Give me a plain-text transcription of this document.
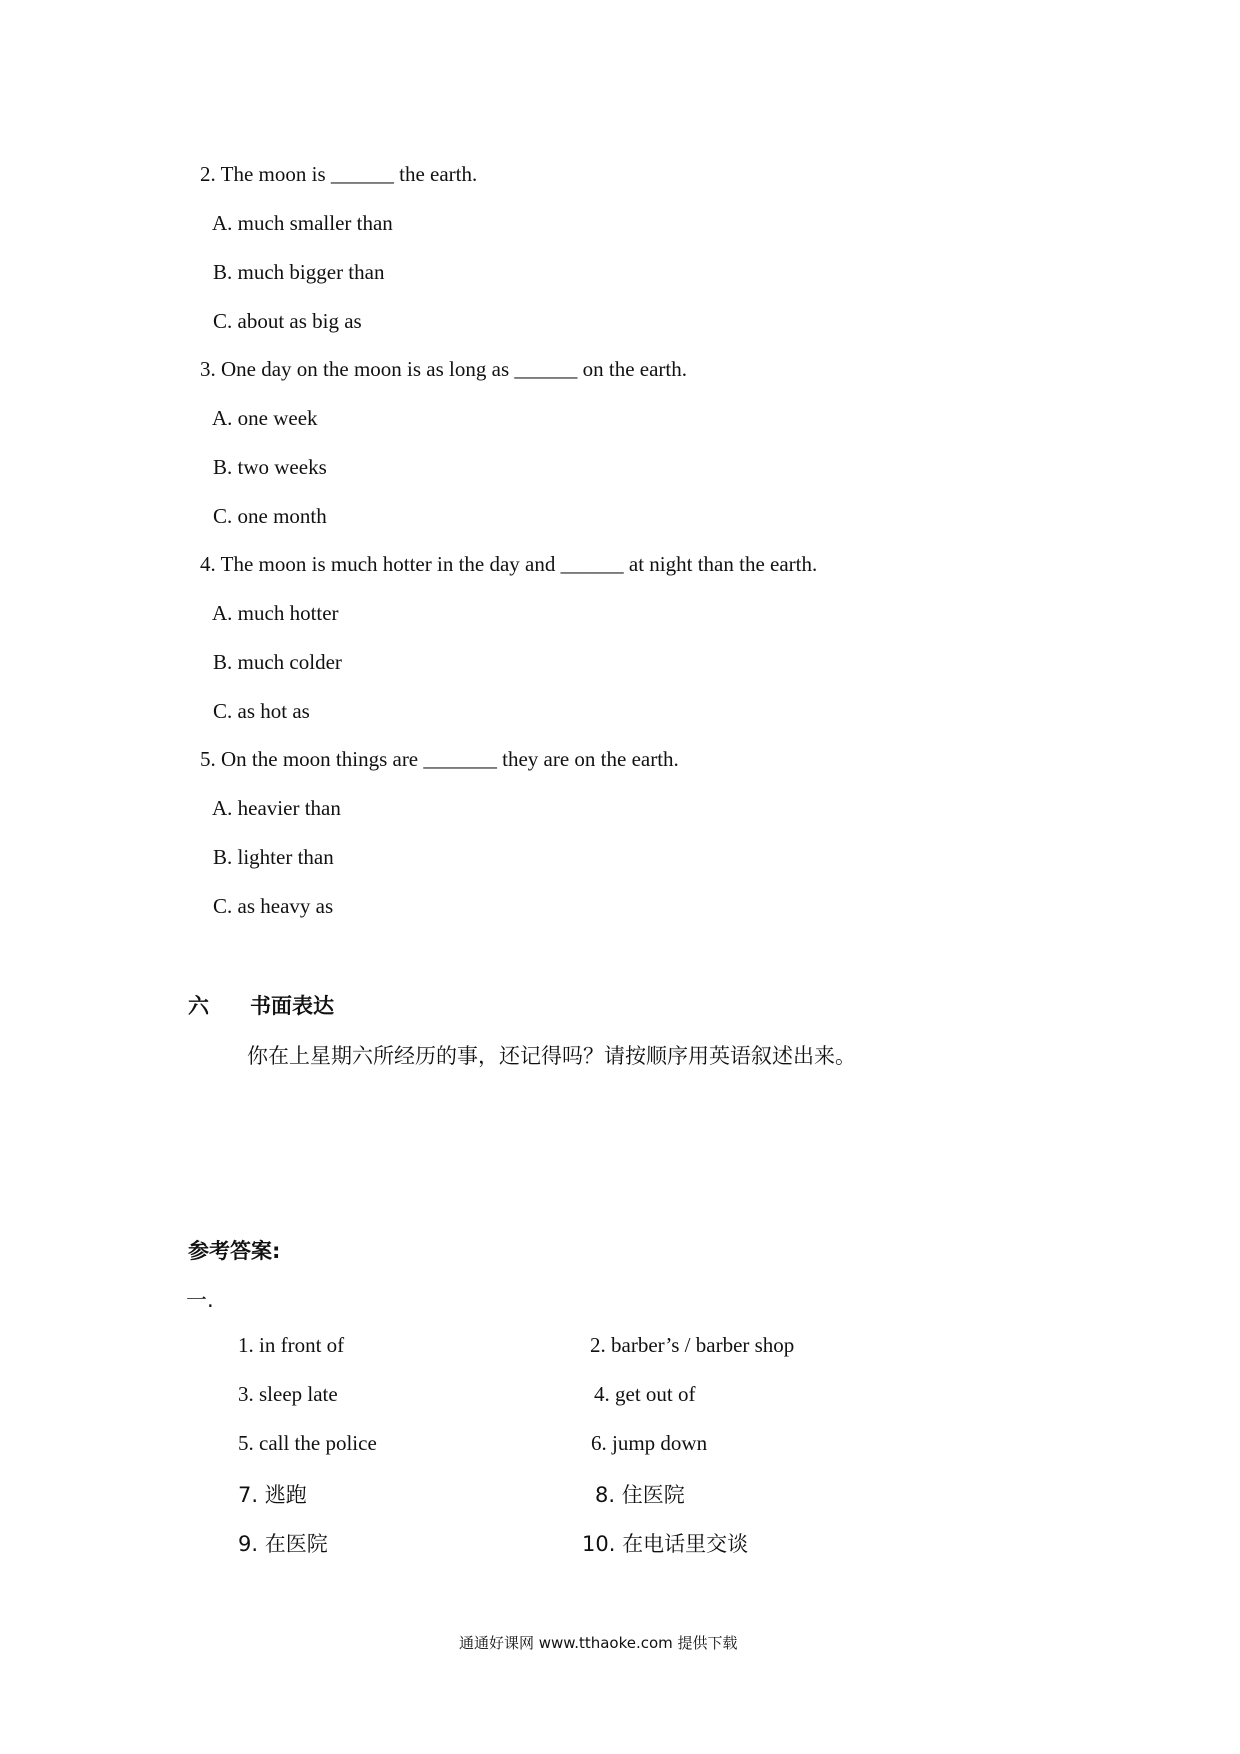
2. The moon is ______ the earth.
A. much smaller than
B. much bigger than
C. about as big as
3. One day on the moon is as long as ______ on the earth.
A. one week
B. two weeks
C. one month
4. The moon is much hotter in the day and ______ at night than the earth.
A. much hotter
B. much colder
C. as hot as
5. On the moon things are _______ they are on the earth.
A. heavier than
B. lighter than
C. as heavy as
六 书面表达
你在上星期六所经历的事，还记得吗？请按顺序用英语叙述出来。
参考答案:
一.
1. in front of	2. barber’s / barber shop
3. sleep late	4. get out of
5. call the police	6. jump down
7. 逃跑	8. 住医院
9. 在医院	10. 在电话里交谈
通通好课网 www.tthaoke.com 提供下载
